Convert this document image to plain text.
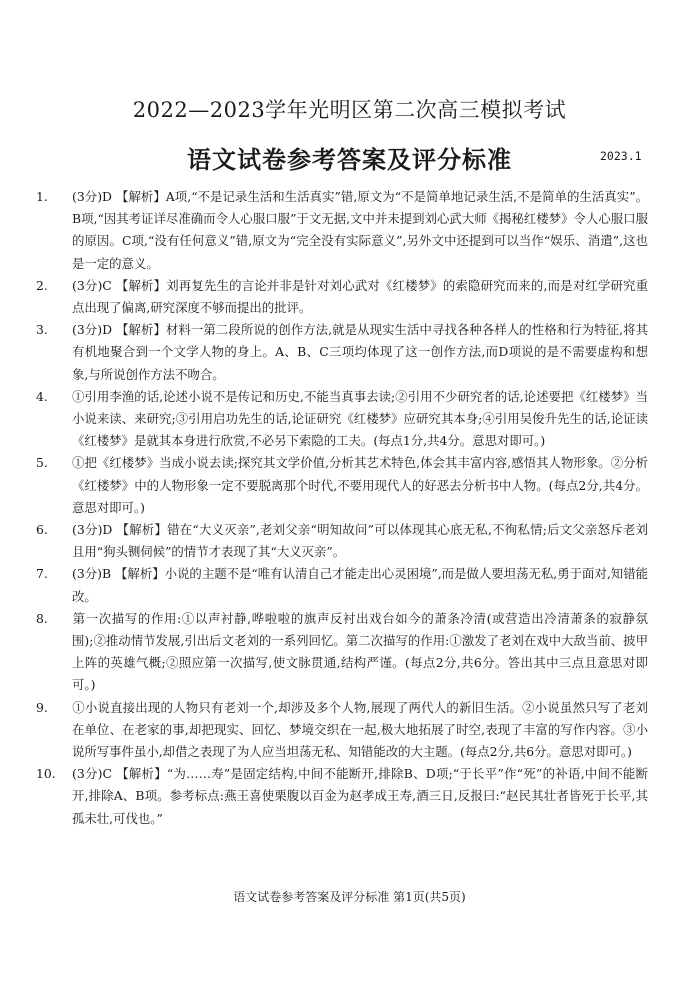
2022—2023学年光明区第二次高三模拟考试
语文试卷参考答案及评分标准	2023.1

1. (3分)D 【解析】A项,“不是记录生活和生活真实”错,原文为“不是简单地记录生活,不是简单的生活真实”。B项,“因其考证详尽准确而令人心服口服”于文无据,文中并未提到刘心武大师《揭秘红楼梦》令人心服口服的原因。C项,“没有任何意义”错,原文为“完全没有实际意义”,另外文中还提到可以当作“娱乐、消遣”,这也是一定的意义。

2. (3分)C 【解析】刘再复先生的言论并非是针对刘心武对《红楼梦》的索隐研究而来的,而是对红学研究重点出现了偏离,研究深度不够而提出的批评。

3. (3分)D 【解析】材料一第二段所说的创作方法,就是从现实生活中寻找各种各样人的性格和行为特征,将其有机地聚合到一个文学人物的身上。A、B、C三项均体现了这一创作方法,而D项说的是不需要虚构和想象,与所说创作方法不吻合。

4. ①引用李渔的话,论述小说不是传记和历史,不能当真事去读;②引用不少研究者的话,论述要把《红楼梦》当小说来读、来研究;③引用启功先生的话,论证研究《红楼梦》应研究其本身;④引用吴俊升先生的话,论证读《红楼梦》是就其本身进行欣赏,不必另下索隐的工夫。(每点1分,共4分。意思对即可。)

5. ①把《红楼梦》当成小说去读;探究其文学价值,分析其艺术特色,体会其丰富内容,感悟其人物形象。②分析《红楼梦》中的人物形象一定不要脱离那个时代,不要用现代人的好恶去分析书中人物。(每点2分,共4分。意思对即可。)

6. (3分)D 【解析】错在“大义灭亲”,老刘父亲“明知故问”可以体现其心底无私,不徇私情;后文父亲怒斥老刘且用“狗头铡伺候”的情节才表现了其“大义灭亲”。

7. (3分)B 【解析】小说的主题不是“唯有认清自己才能走出心灵困境”,而是做人要坦荡无私,勇于面对,知错能改。

8. 第一次描写的作用:①以声衬静,哗啦啦的旗声反衬出戏台如今的萧条冷清(或营造出冷清萧条的寂静氛围);②推动情节发展,引出后文老刘的一系列回忆。第二次描写的作用:①激发了老刘在戏中大敌当前、披甲上阵的英雄气概;②照应第一次描写,使文脉贯通,结构严谨。(每点2分,共6分。答出其中三点且意思对即可。)

9. ①小说直接出现的人物只有老刘一个,却涉及多个人物,展现了两代人的新旧生活。②小说虽然只写了老刘在单位、在老家的事,却把现实、回忆、梦境交织在一起,极大地拓展了时空,表现了丰富的写作内容。③小说所写事件虽小,却借之表现了为人应当坦荡无私、知错能改的大主题。(每点2分,共6分。意思对即可。)

10. (3分)C 【解析】“为……寿”是固定结构,中间不能断开,排除B、D项;“于长平”作“死”的补语,中间不能断开,排除A、B项。参考标点:燕王喜使栗腹以百金为赵孝成王寿,酒三日,反报曰:“赵民其壮者皆死于长平,其孤未壮,可伐也。”

语文试卷参考答案及评分标准 第1页(共5页)
